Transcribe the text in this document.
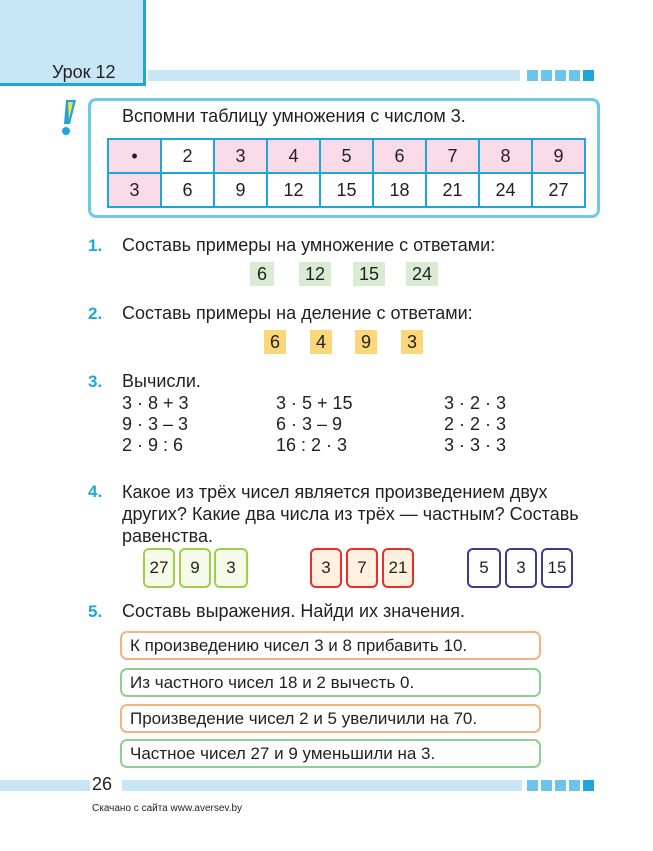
Урок 12
Вспомни таблицу умножения с числом 3.
•	2	3	4	5	6	7	8	9
3	6	9	12	15	18	21	24	27
1. Составь примеры на умножение с ответами:
6	12	15	24
2. Составь примеры на деление с ответами:
6	4	9	3
3. Вычисли.
3 · 8 + 3
9 · 3 – 3
2 · 9 : 6
3 · 5 + 15
6 · 3 – 9
16 : 2 · 3
3 · 2 · 3
2 · 2 · 3
3 · 3 · 3
4. Какое из трёх чисел является произведением двух
других? Какие два числа из трёх — частным? Составь
равенства.
27	9	3	3	7	21	5	3	15
5. Составь выражения. Найди их значения.
К произведению чисел 3 и 8 прибавить 10.
Из частного чисел 18 и 2 вычесть 0.
Произведение чисел 2 и 5 увеличили на 70.
Частное чисел 27 и 9 уменьшили на 3.
26
Скачано с сайта www.aversev.by
